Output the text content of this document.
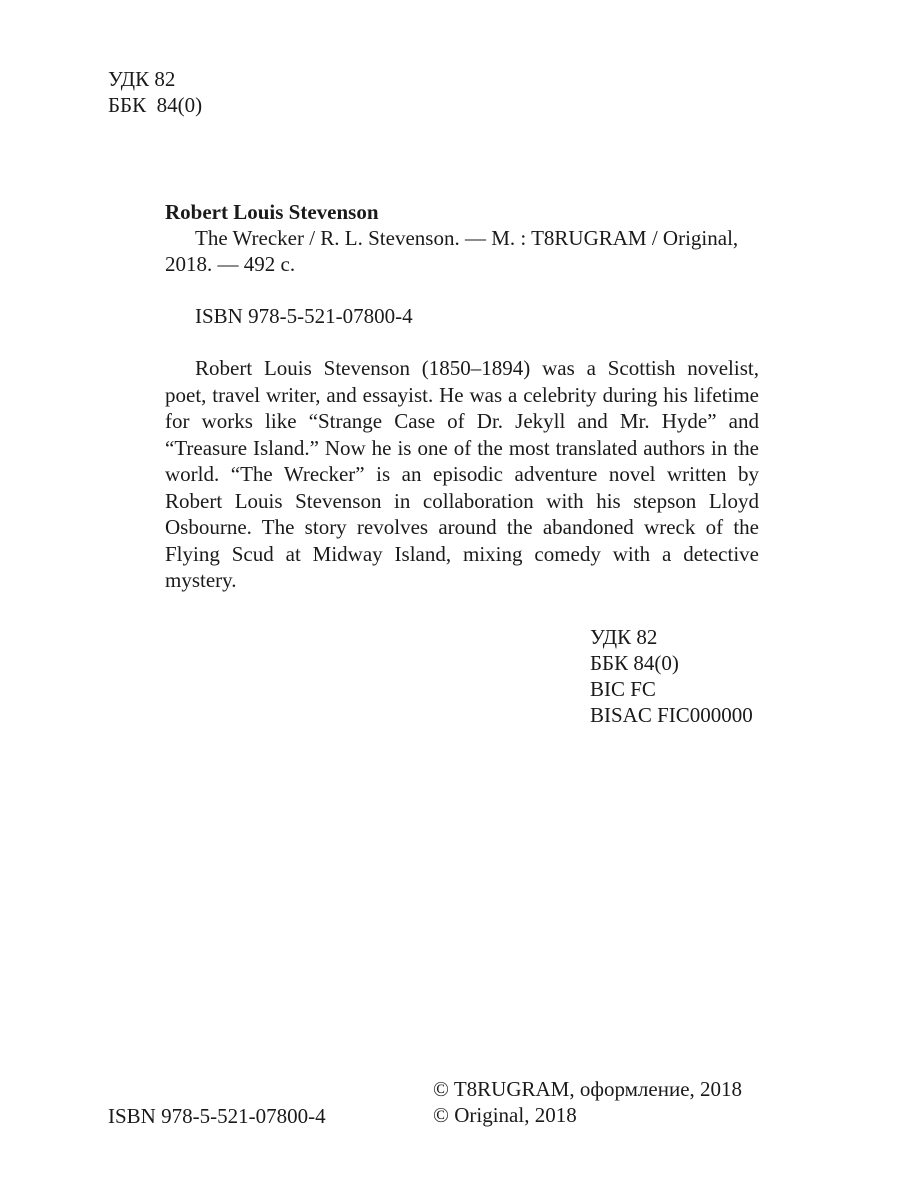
УДК 82
ББК  84(0)
Robert Louis Stevenson
The Wrecker / R. L. Stevenson. — M. : T8RUGRAM / Original, 2018. — 492 с.
ISBN 978-5-521-07800-4
Robert Louis Stevenson (1850–1894) was a Scottish novelist, poet, travel writer, and essayist. He was a celebrity during his lifetime for works like “Strange Case of Dr. Jekyll and Mr. Hyde” and “Treasure Island.” Now he is one of the most translated authors in the world. “The Wrecker” is an episodic adventure novel written by Robert Louis Stevenson in collaboration with his stepson Lloyd Osbourne. The story revolves around the abandoned wreck of the Flying Scud at Midway Island, mixing comedy with a detective mystery.
УДК 82
ББК 84(0)
BIC FC
BISAC FIC000000
ISBN 978-5-521-07800-4
© T8RUGRAM, оформление, 2018
© Original, 2018
